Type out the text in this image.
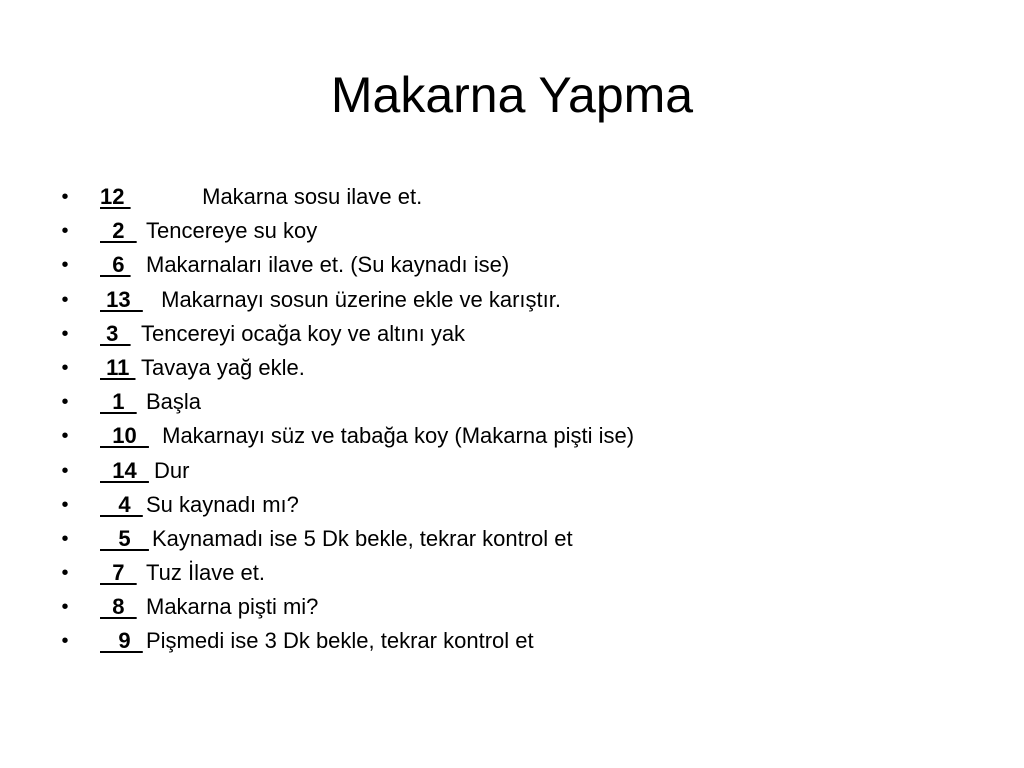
Makarna Yapma
• 12	Makarna sosu ilave et.
• 2 Tencereye su koy
• 6 Makarnaları ilave et. (Su kaynadı ise)
• 13 Makarnayı sosun üzerine ekle ve karıştır.
• 3 Tencereyi ocağa koy ve altını yak
• 11 Tavaya yağ ekle.
• 1 Başla
• 10 Makarnayı süz ve tabağa koy (Makarna pişti ise)
• 14 Dur
• 4 Su kaynadı mı?
• 5 Kaynamadı ise 5 Dk bekle, tekrar kontrol et
• 7 Tuz İlave et.
• 8 Makarna pişti mi?
• 9 Pişmedi ise 3 Dk bekle, tekrar kontrol et
